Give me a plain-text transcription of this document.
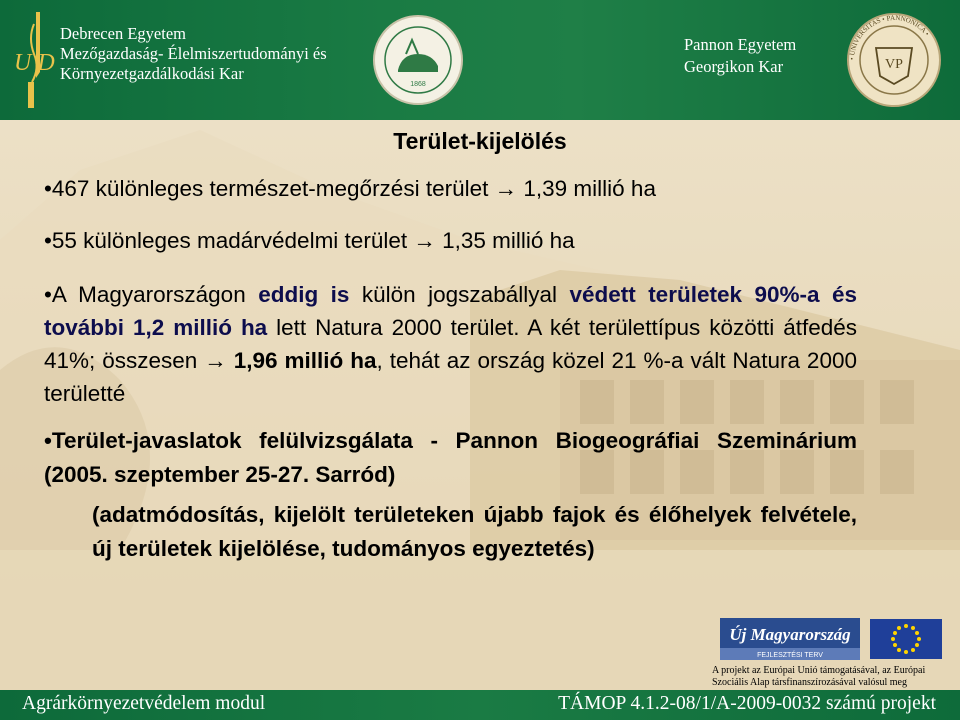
U D
Debrecen Egyetem
Mezőgazdaság- Élelmiszertudományi és
Környezetgazdálkodási Kar
1868
Pannon Egyetem
Georgikon Kar	• UNIVERSITAS • PANNONICA •
VP
Terület-kijelölés
•467 különleges természet-megőrzési terület → 1,39 millió ha
•55 különleges madárvédelmi terület → 1,35 millió ha
•A Magyarországon eddig is külön jogszabállyal védett területek 90%-a és további 1,2 millió ha lett Natura 2000 terület. A két területtípus közötti átfedés 41%; összesen → 1,96 millió ha, tehát az ország közel 21 %-a vált Natura 2000 területté
•Terület-javaslatok felülvizsgálata - Pannon Biogeográfiai Szeminárium (2005. szeptember 25-27. Sarród)
(adatmódosítás, kijelölt területeken újabb fajok és élőhelyek felvétele, új területek kijelölése, tudományos egyeztetés)
Új Magyarország
FEJLESZTÉSI TERV
A projekt az Európai Unió támogatásával, az Európai Szociális Alap társfinanszírozásával valósul meg
Agrárkörnyezetvédelem modul	TÁMOP 4.1.2-08/1/A-2009-0032 számú projekt
